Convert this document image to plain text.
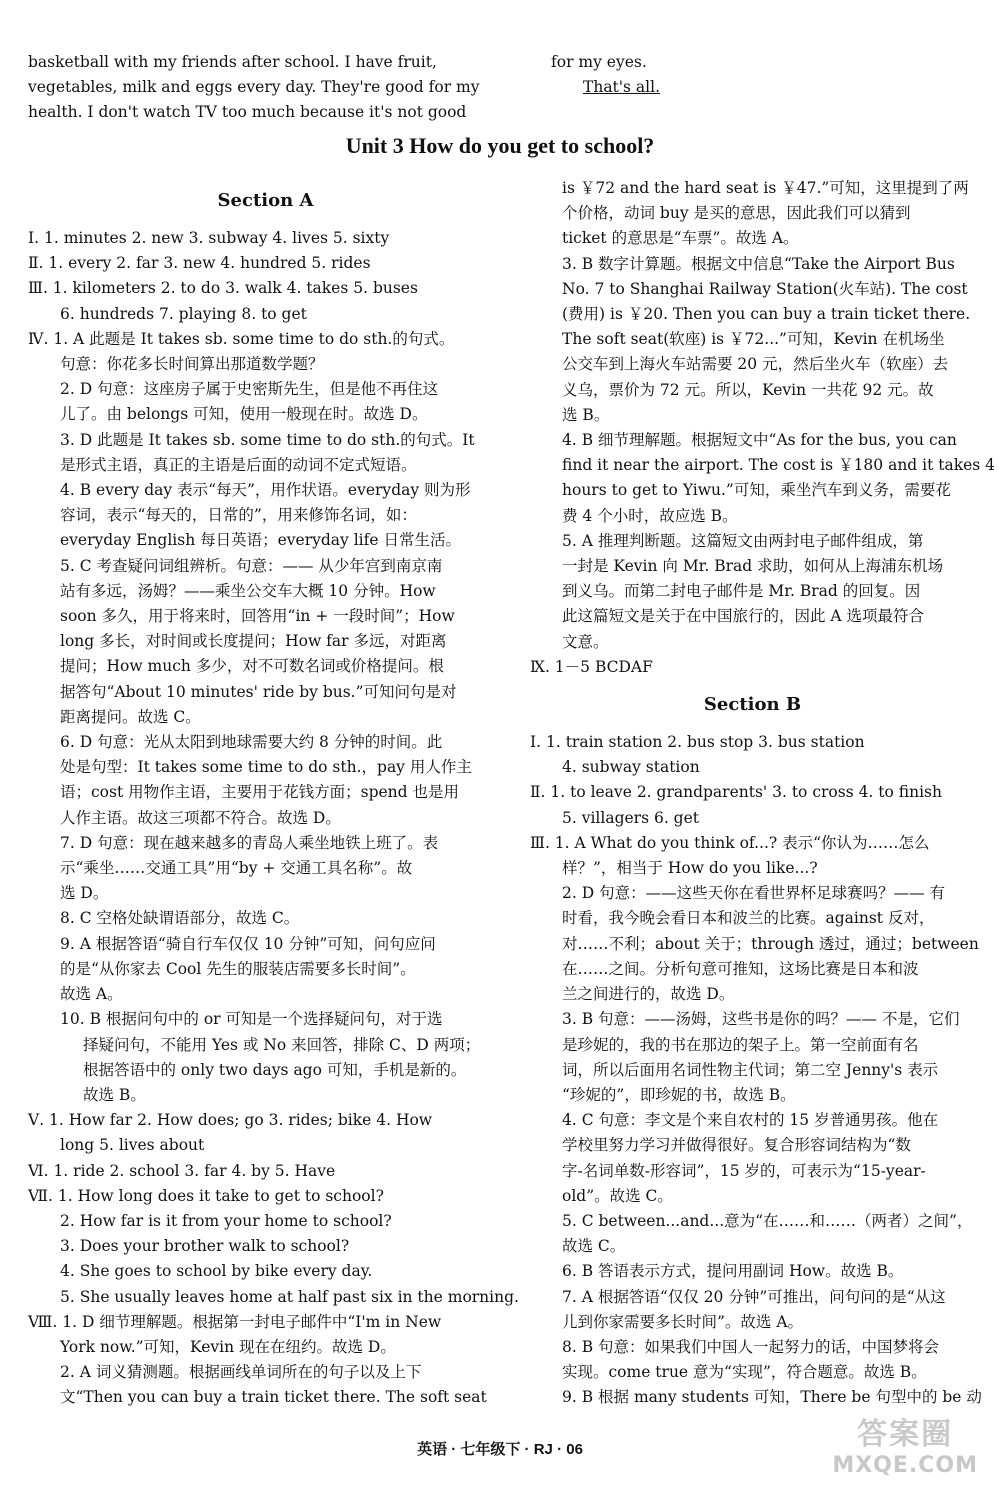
basketball with my friends after school. I have fruit,

vegetables, milk and eggs every day. They're good for my

health. I don't watch TV too much because it's not good

for my eyes.

That's all.

Unit 3 How do you get to school?

Section A

Ⅰ. 1. minutes 2. new 3. subway 4. lives 5. sixty

Ⅱ. 1. every 2. far 3. new 4. hundred 5. rides

Ⅲ. 1. kilometers 2. to do 3. walk 4. takes 5. buses

6. hundreds 7. playing 8. to get

Ⅳ. 1. A 此题是 It takes sb. some time to do sth.的句式。

句意：你花多长时间算出那道数学题？

2. D 句意：这座房子属于史密斯先生，但是他不再住这

儿了。由 belongs 可知，使用一般现在时。故选 D。

3. D 此题是 It takes sb. some time to do sth.的句式。It

是形式主语，真正的主语是后面的动词不定式短语。

4. B every day 表示“每天”，用作状语。everyday 则为形

容词，表示“每天的，日常的”，用来修饰名词，如：

everyday English 每日英语；everyday life 日常生活。

5. C 考查疑问词组辨析。句意：—— 从少年宫到南京南

站有多远，汤姆？——乘坐公交车大概 10 分钟。How

soon 多久，用于将来时，回答用“in + 一段时间”；How

long 多长，对时间或长度提问；How far 多远，对距离

提问；How much 多少，对不可数名词或价格提问。根

据答句“About 10 minutes' ride by bus.”可知问句是对

距离提问。故选 C。

6. D 句意：光从太阳到地球需要大约 8 分钟的时间。此

处是句型：It takes some time to do sth.，pay 用人作主

语；cost 用物作主语，主要用于花钱方面；spend 也是用

人作主语。故这三项都不符合。故选 D。

7. D 句意：现在越来越多的青岛人乘坐地铁上班了。表

示“乘坐……交通工具”用“by + 交通工具名称”。故

选 D。

8. C 空格处缺谓语部分，故选 C。

9. A 根据答语“骑自行车仅仅 10 分钟”可知，问句应问

的是“从你家去 Cool 先生的服装店需要多长时间”。

故选 A。

10. B 根据问句中的 or 可知是一个选择疑问句，对于选

择疑问句，不能用 Yes 或 No 来回答，排除 C、D 两项；

根据答语中的 only two days ago 可知，手机是新的。

故选 B。

Ⅴ. 1. How far 2. How does; go 3. rides; bike 4. How

long 5. lives about

Ⅵ. 1. ride 2. school 3. far 4. by 5. Have

Ⅶ. 1. How long does it take to get to school?

2. How far is it from your home to school?

3. Does your brother walk to school?

4. She goes to school by bike every day.

5. She usually leaves home at half past six in the morning.

Ⅷ. 1. D 细节理解题。根据第一封电子邮件中“I'm in New

York now.”可知，Kevin 现在在纽约。故选 D。

2. A 词义猜测题。根据画线单词所在的句子以及上下

文“Then you can buy a train ticket there. The soft seat

is ￥72 and the hard seat is ￥47.”可知，这里提到了两

个价格，动词 buy 是买的意思，因此我们可以猜到

ticket 的意思是“车票”。故选 A。

3. B 数字计算题。根据文中信息“Take the Airport Bus

No. 7 to Shanghai Railway Station(火车站). The cost

(费用) is ￥20. Then you can buy a train ticket there.

The soft seat(软座) is ￥72...”可知，Kevin 在机场坐

公交车到上海火车站需要 20 元，然后坐火车（软座）去

义乌，票价为 72 元。所以，Kevin 一共花 92 元。故

选 B。

4. B 细节理解题。根据短文中“As for the bus, you can

find it near the airport. The cost is ￥180 and it takes 4

hours to get to Yiwu.”可知，乘坐汽车到义务，需要花

费 4 个小时，故应选 B。

5. A 推理判断题。这篇短文由两封电子邮件组成，第

一封是 Kevin 向 Mr. Brad 求助，如何从上海浦东机场

到义乌。而第二封电子邮件是 Mr. Brad 的回复。因

此这篇短文是关于在中国旅行的，因此 A 选项最符合

文意。

Ⅸ. 1－5 BCDAF

Section B

Ⅰ. 1. train station 2. bus stop 3. bus station

4. subway station

Ⅱ. 1. to leave 2. grandparents' 3. to cross 4. to finish

5. villagers 6. get

Ⅲ. 1. A What do you think of...? 表示“你认为……怎么

样？”，相当于 How do you like...?

2. D 句意：——这些天你在看世界杯足球赛吗？—— 有

时看，我今晚会看日本和波兰的比赛。against 反对，

对……不利；about 关于；through 透过，通过；between

在……之间。分析句意可推知，这场比赛是日本和波

兰之间进行的，故选 D。

3. B 句意：——汤姆，这些书是你的吗？—— 不是，它们

是珍妮的，我的书在那边的架子上。第一空前面有名

词，所以后面用名词性物主代词；第二空 Jenny's 表示

“珍妮的”，即珍妮的书，故选 B。

4. C 句意：李文是个来自农村的 15 岁普通男孩。他在

学校里努力学习并做得很好。复合形容词结构为“数

字-名词单数-形容词”，15 岁的，可表示为“15-year-

old”。故选 C。

5. C between...and...意为“在……和……（两者）之间”，

故选 C。

6. B 答语表示方式，提问用副词 How。故选 B。

7. A 根据答语“仅仅 20 分钟”可推出，问句问的是“从这

儿到你家需要多长时间”。故选 A。

8. B 句意：如果我们中国人一起努力的话，中国梦将会

实现。come true 意为“实现”，符合题意。故选 B。

9. B 根据 many students 可知，There be 句型中的 be 动

英语 · 七年级下 · RJ · 06	答案圈
MXQE.COM
